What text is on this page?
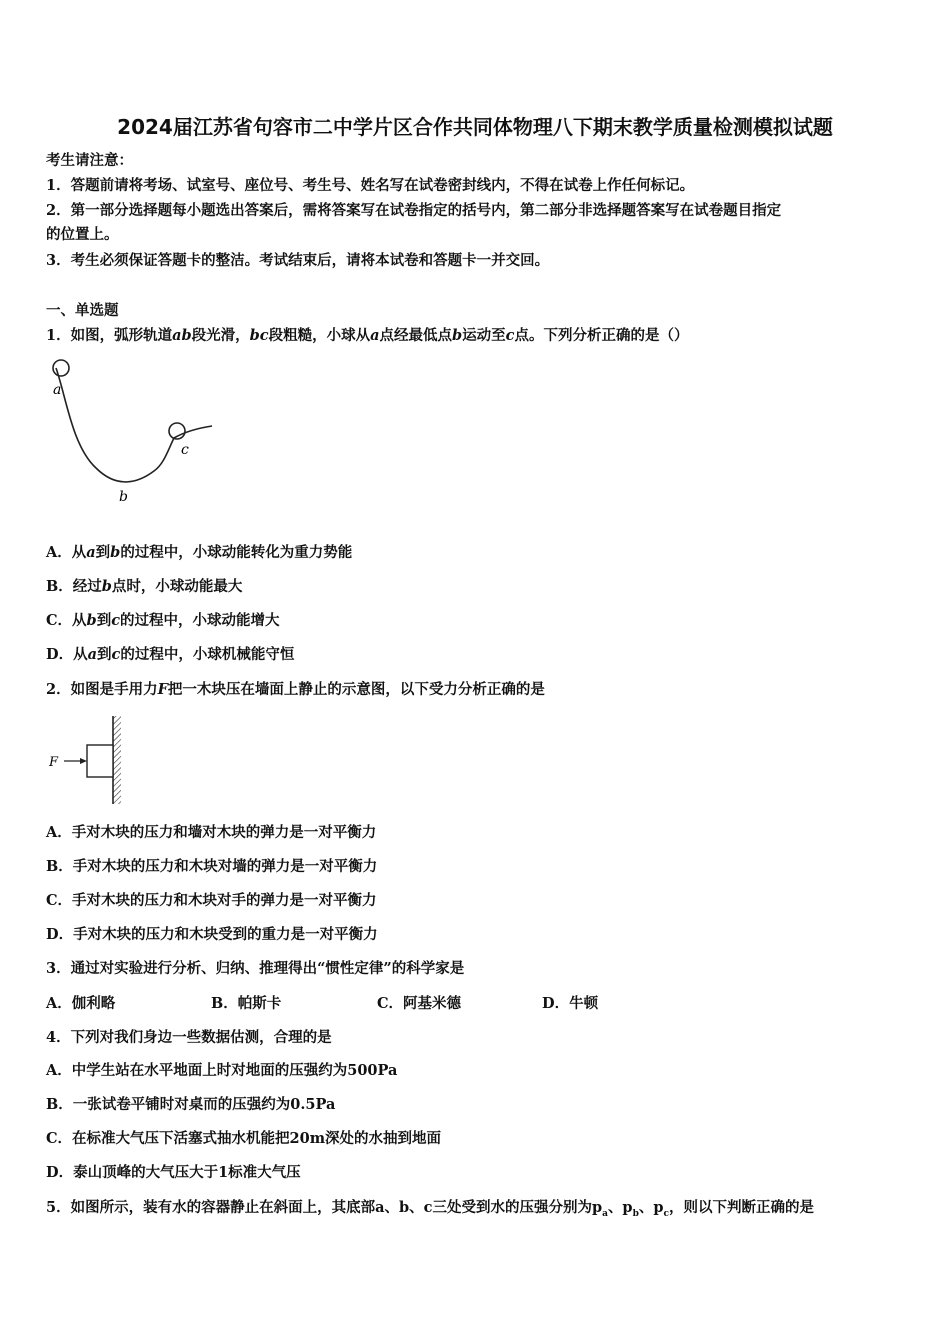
2024届江苏省句容市二中学片区合作共同体物理八下期末教学质量检测模拟试题
考生请注意：
1．答题前请将考场、试室号、座位号、考生号、姓名写在试卷密封线内，不得在试卷上作任何标记。
2．第一部分选择题每小题选出答案后，需将答案写在试卷指定的括号内，第二部分非选择题答案写在试卷题目指定
的位置上。
3．考生必须保证答题卡的整洁。考试结束后，请将本试卷和答题卡一并交回。
一、单选题
1．如图，弧形轨道ab段光滑，bc段粗糙，小球从a点经最低点b运动至c点。下列分析正确的是（）
a
b
c
A．从a到b的过程中，小球动能转化为重力势能
B．经过b点时，小球动能最大
C．从b到c的过程中，小球动能增大
D．从a到c的过程中，小球机械能守恒
2．如图是手用力F把一木块压在墙面上静止的示意图，以下受力分析正确的是
F
A．手对木块的压力和墙对木块的弹力是一对平衡力
B．手对木块的压力和木块对墙的弹力是一对平衡力
C．手对木块的压力和木块对手的弹力是一对平衡力
D．手对木块的压力和木块受到的重力是一对平衡力
3．通过对实验进行分析、归纳、推理得出“惯性定律”的科学家是
A．伽利略	B．帕斯卡	C．阿基米德	D．牛顿
4．下列对我们身边一些数据估测，合理的是
A．中学生站在水平地面上时对地面的压强约为500Pa
B．一张试卷平铺时对桌而的压强约为0.5Pa
C．在标准大气压下活塞式抽水机能把20m深处的水抽到地面
D．泰山顶峰的大气压大于1标准大气压
5．如图所示，装有水的容器静止在斜面上，其底部a、b、c三处受到水的压强分别为$p_a$、$p_b$、$p_c$，则以下判断正确的是
